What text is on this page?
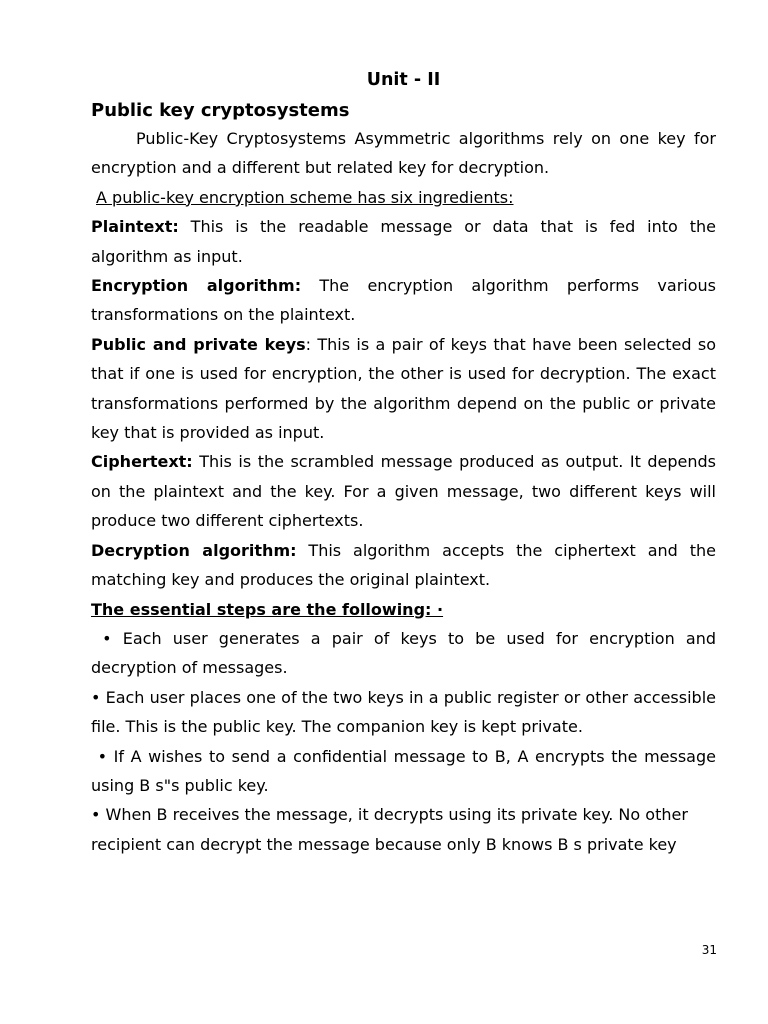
Unit - II
Public key cryptosystems

Public-Key Cryptosystems Asymmetric algorithms rely on one key for encryption and a different but related key for decryption.

A public-key encryption scheme has six ingredients:

Plaintext: This is the readable message or data that is fed into the algorithm as input.

Encryption algorithm: The encryption algorithm performs various transformations on the plaintext.

Public and private keys: This is a pair of keys that have been selected so that if one is used for encryption, the other is used for decryption. The exact transformations performed by the algorithm depend on the public or private key that is provided as input.

Ciphertext: This is the scrambled message produced as output. It depends on the plaintext and the key. For a given message, two different keys will produce two different ciphertexts.

Decryption algorithm: This algorithm accepts the ciphertext and the matching key and produces the original plaintext.

The essential steps are the following: ·

• Each user generates a pair of keys to be used for encryption and decryption of messages.

• Each user places one of the two keys in a public register or other accessible file. This is the public key. The companion key is kept private.

• If A wishes to send a confidential message to B, A encrypts the message using B s"s public key.

• When B receives the message, it decrypts using its private key. No other recipient can decrypt the message because only B knows B s private key

31
